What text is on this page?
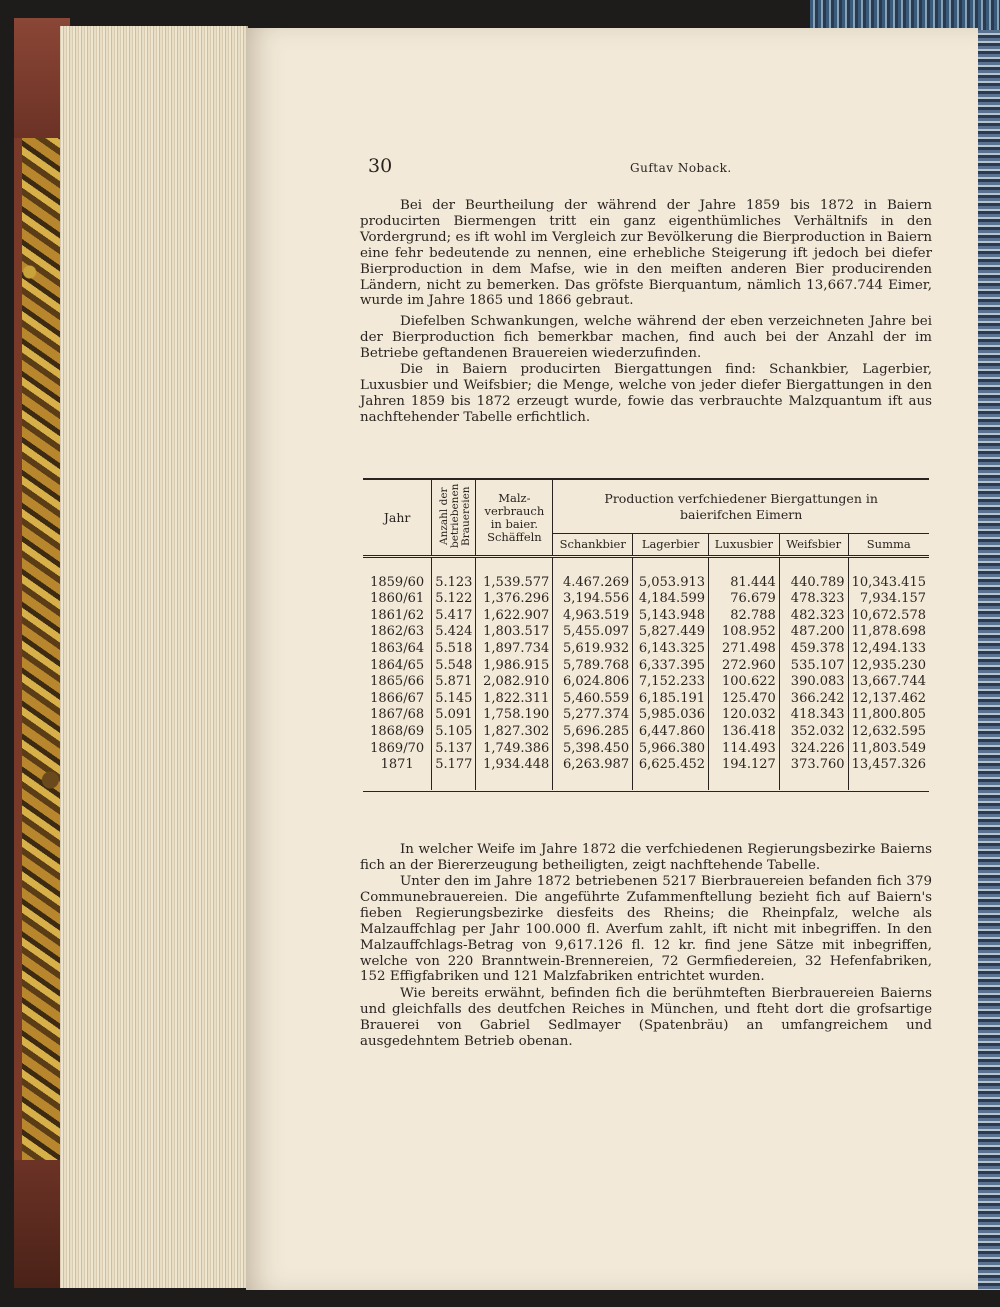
30	Guftav Noback.

Bei der Beurtheilung der während der Jahre 1859 bis 1872 in Baiern producirten Biermengen tritt ein ganz eigenthümliches Verhältnifs in den Vordergrund; es ift wohl im Vergleich zur Bevölkerung die Bierproduction in Baiern eine fehr bedeutende zu nennen, eine erhebliche Steigerung ift jedoch bei diefer Bierproduction in dem Mafse, wie in den meiften anderen Bier producirenden Ländern, nicht zu bemerken. Das gröfste Bierquantum, nämlich 13,667.744 Eimer, wurde im Jahre 1865 und 1866 gebraut.

Diefelben Schwankungen, welche während der eben verzeichneten Jahre bei der Bierproduction fich bemerkbar machen, find auch bei der Anzahl der im Betriebe geftandenen Brauereien wiederzufinden.

Die in Baiern producirten Biergattungen find: Schankbier, Lagerbier, Luxusbier und Weifsbier; die Menge, welche von jeder diefer Biergattungen in den Jahren 1859 bis 1872 erzeugt wurde, fowie das verbrauchte Malzquantum ift aus nachftehender Tabelle erfichtlich.

Jahr	Anzahl der betriebenen Brauereien	Malz-verbrauch in baier. Schäffeln	Production verfchiedener Biergattungen in baierifchen Eimern				
			Schankbier	Lagerbier	Luxusbier	Weifsbier	Summa

1859/60	5.123	1,539.577	4.467.269	5,053.913	81.444	440.789	10,343.415
1860/61	5.122	1,376.296	3,194.556	4,184.599	76.679	478.323	7,934.157
1861/62	5.417	1,622.907	4,963.519	5,143.948	82.788	482.323	10,672.578
1862/63	5.424	1,803.517	5,455.097	5,827.449	108.952	487.200	11,878.698
1863/64	5.518	1,897.734	5,619.932	6,143.325	271.498	459.378	12,494.133
1864/65	5.548	1,986.915	5,789.768	6,337.395	272.960	535.107	12,935.230
1865/66	5.871	2,082.910	6,024.806	7,152.233	100.622	390.083	13,667.744
1866/67	5.145	1,822.311	5,460.559	6,185.191	125.470	366.242	12,137.462
1867/68	5.091	1,758.190	5,277.374	5,985.036	120.032	418.343	11,800.805
1868/69	5.105	1,827.302	5,696.285	6,447.860	136.418	352.032	12,632.595
1869/70	5.137	1,749.386	5,398.450	5,966.380	114.493	324.226	11,803.549
1871	5.177	1,934.448	6,263.987	6,625.452	194.127	373.760	13,457.326

In welcher Weife im Jahre 1872 die verfchiedenen Regierungsbezirke Baierns fich an der Biererzeugung betheiligten, zeigt nachftehende Tabelle.

Unter den im Jahre 1872 betriebenen 5217 Bierbrauereien befanden fich 379 Communebrauereien. Die angeführte Zufammenftellung bezieht fich auf Baiern's fieben Regierungsbezirke diesfeits des Rheins; die Rheinpfalz, welche als Malzauffchlag per Jahr 100.000 fl. Averfum zahlt, ift nicht mit inbegriffen. In den Malzauffchlags-Betrag von 9,617.126 fl. 12 kr. find jene Sätze mit inbegriffen, welche von 220 Branntwein-Brennereien, 72 Germfiedereien, 32 Hefenfabriken, 152 Effigfabriken und 121 Malzfabriken entrichtet wurden.

Wie bereits erwähnt, befinden fich die berühmteften Bierbrauereien Baierns und gleichfalls des deutfchen Reiches in München, und fteht dort die grofsartige Brauerei von Gabriel Sedlmayer (Spatenbräu) an umfangreichem und ausgedehntem Betrieb obenan.
